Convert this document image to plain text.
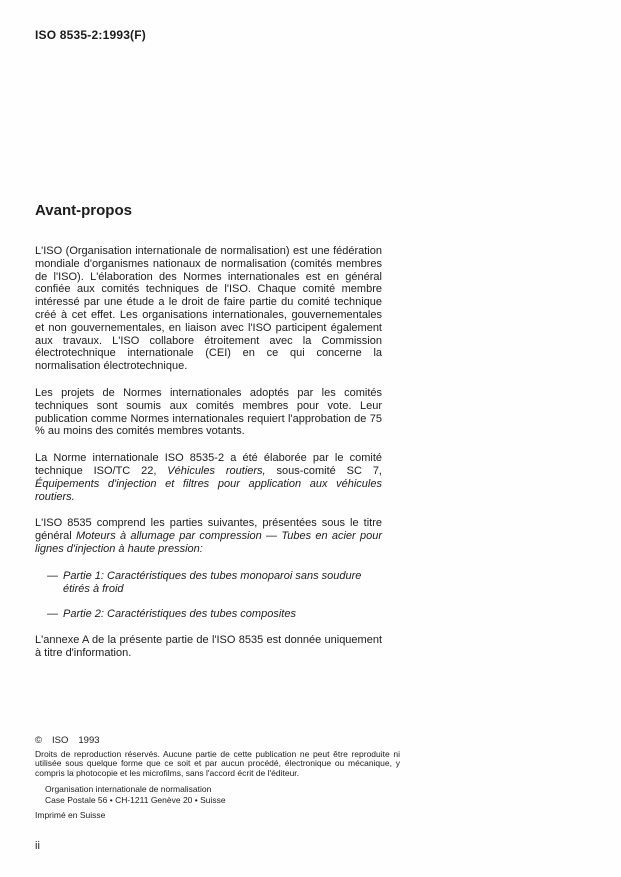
ISO 8535-2:1993(F)
Avant-propos

L'ISO (Organisation internationale de normalisation) est une fédération mondiale d'organismes nationaux de normalisation (comités membres de l'ISO). L'élaboration des Normes internationales est en général confiée aux comités techniques de l'ISO. Chaque comité membre intéressé par une étude a le droit de faire partie du comité technique créé à cet effet. Les organisations internationales, gouvernementales et non gouvernementales, en liaison avec l'ISO participent également aux travaux. L'ISO collabore étroitement avec la Commission électrotechnique internationale (CEI) en ce qui concerne la normalisation électrotechnique.

Les projets de Normes internationales adoptés par les comités techniques sont soumis aux comités membres pour vote. Leur publication comme Normes internationales requiert l'approbation de 75 % au moins des comités membres votants.

La Norme internationale ISO 8535-2 a été élaborée par le comité technique ISO/TC 22, Véhicules routiers, sous-comité SC 7, Équipements d'injection et filtres pour application aux véhicules routiers.

L'ISO 8535 comprend les parties suivantes, présentées sous le titre général Moteurs à allumage par compression — Tubes en acier pour lignes d'injection à haute pression:

— Partie 1: Caractéristiques des tubes monoparoi sans soudure étirés à froid
— Partie 2: Caractéristiques des tubes composites

L'annexe A de la présente partie de l'ISO 8535 est donnée uniquement à titre d'information.

© ISO 1993
Droits de reproduction réservés. Aucune partie de cette publication ne peut être reproduite ni utilisée sous quelque forme que ce soit et par aucun procédé, électronique ou mécanique, y compris la photocopie et les microfilms, sans l'accord écrit de l'éditeur.
Organisation internationale de normalisation
Case Postale 56 • CH-1211 Genève 20 • Suisse
Imprimé en Suisse
ii
